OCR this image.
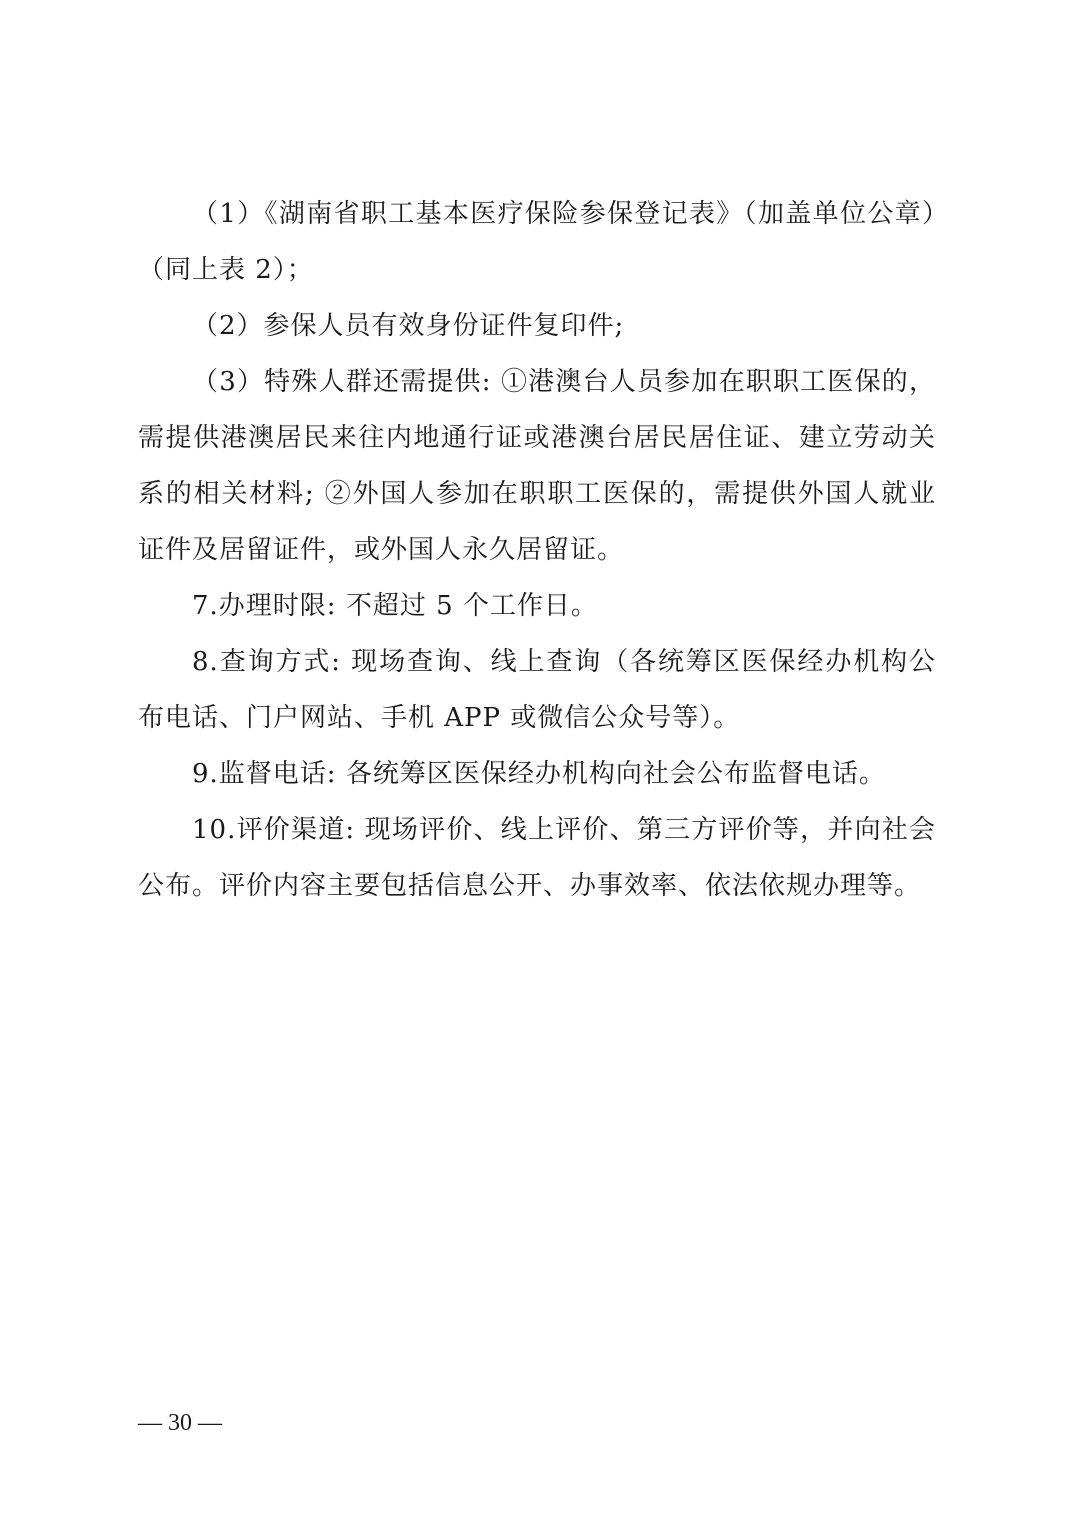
（1）《湖南省职工基本医疗保险参保登记表》（加盖单位公章）（同上表 2）；

（2）参保人员有效身份证件复印件;

（3）特殊人群还需提供: ①港澳台人员参加在职职工医保的，需提供港澳居民来往内地通行证或港澳台居民居住证、建立劳动关系的相关材料; ②外国人参加在职职工医保的，需提供外国人就业证件及居留证件，或外国人永久居留证。

7.办理时限: 不超过 5 个工作日。

8.查询方式: 现场查询、线上查询（各统筹区医保经办机构公布电话、门户网站、手机 APP 或微信公众号等）。

9.监督电话: 各统筹区医保经办机构向社会公布监督电话。

10.评价渠道: 现场评价、线上评价、第三方评价等，并向社会公布。评价内容主要包括信息公开、办事效率、依法依规办理等。

— 30 —
